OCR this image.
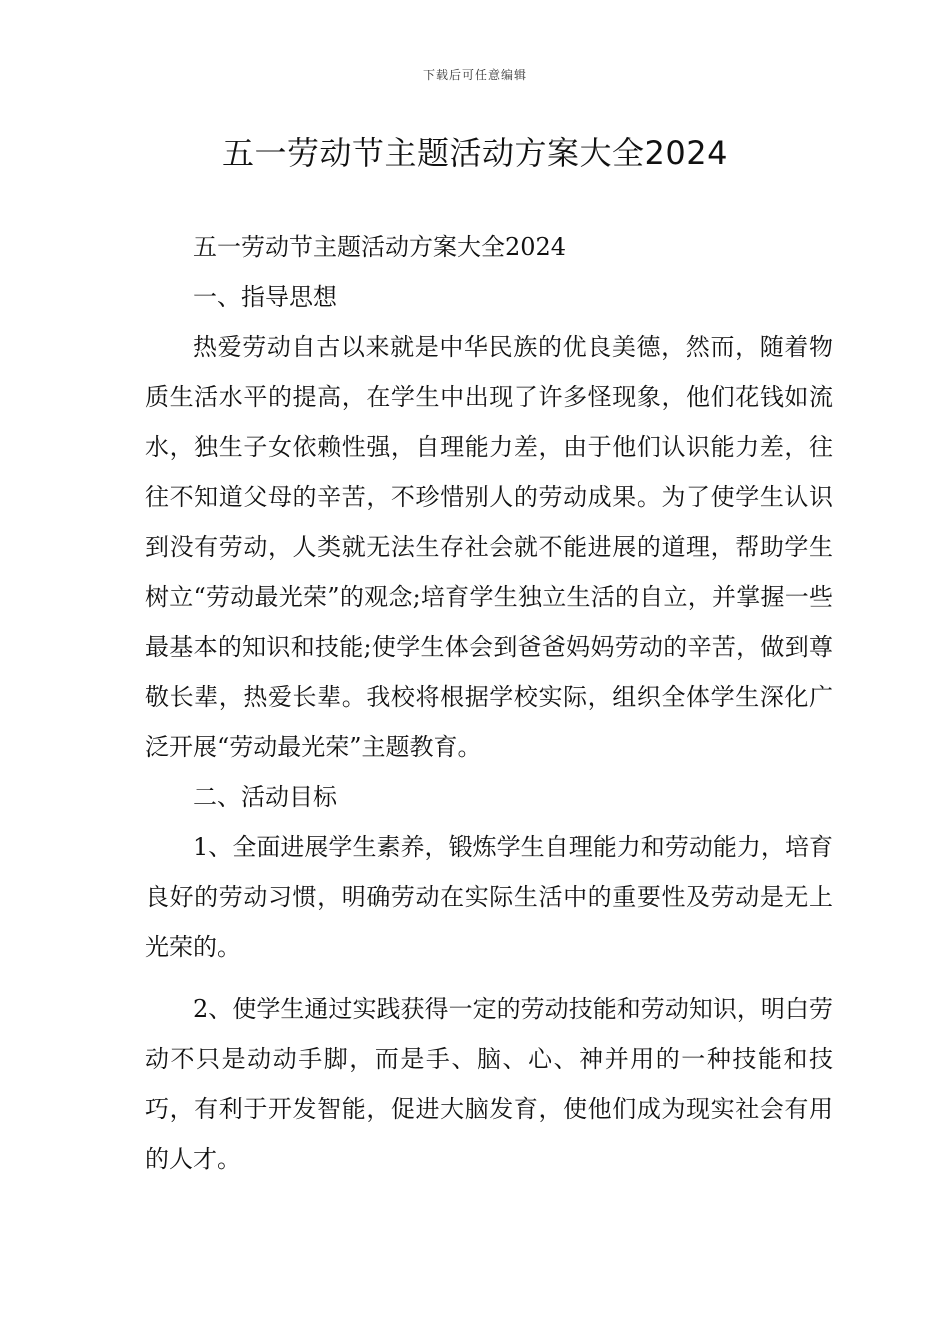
下载后可任意编辑
五一劳动节主题活动方案大全2024

五一劳动节主题活动方案大全2024

一、指导思想

热爱劳动自古以来就是中华民族的优良美德，然而，随着物质生活水平的提高，在学生中出现了许多怪现象，他们花钱如流水，独生子女依赖性强，自理能力差，由于他们认识能力差，往往不知道父母的辛苦，不珍惜别人的劳动成果。为了使学生认识到没有劳动，人类就无法生存社会就不能进展的道理，帮助学生树立“劳动最光荣”的观念;培育学生独立生活的自立，并掌握一些最基本的知识和技能;使学生体会到爸爸妈妈劳动的辛苦，做到尊敬长辈，热爱长辈。我校将根据学校实际，组织全体学生深化广泛开展“劳动最光荣”主题教育。

二、活动目标

1、全面进展学生素养，锻炼学生自理能力和劳动能力，培育良好的劳动习惯，明确劳动在实际生活中的重要性及劳动是无上光荣的。

2、使学生通过实践获得一定的劳动技能和劳动知识，明白劳动不只是动动手脚，而是手、脑、心、神并用的一种技能和技巧，有利于开发智能，促进大脑发育，使他们成为现实社会有用的人才。
